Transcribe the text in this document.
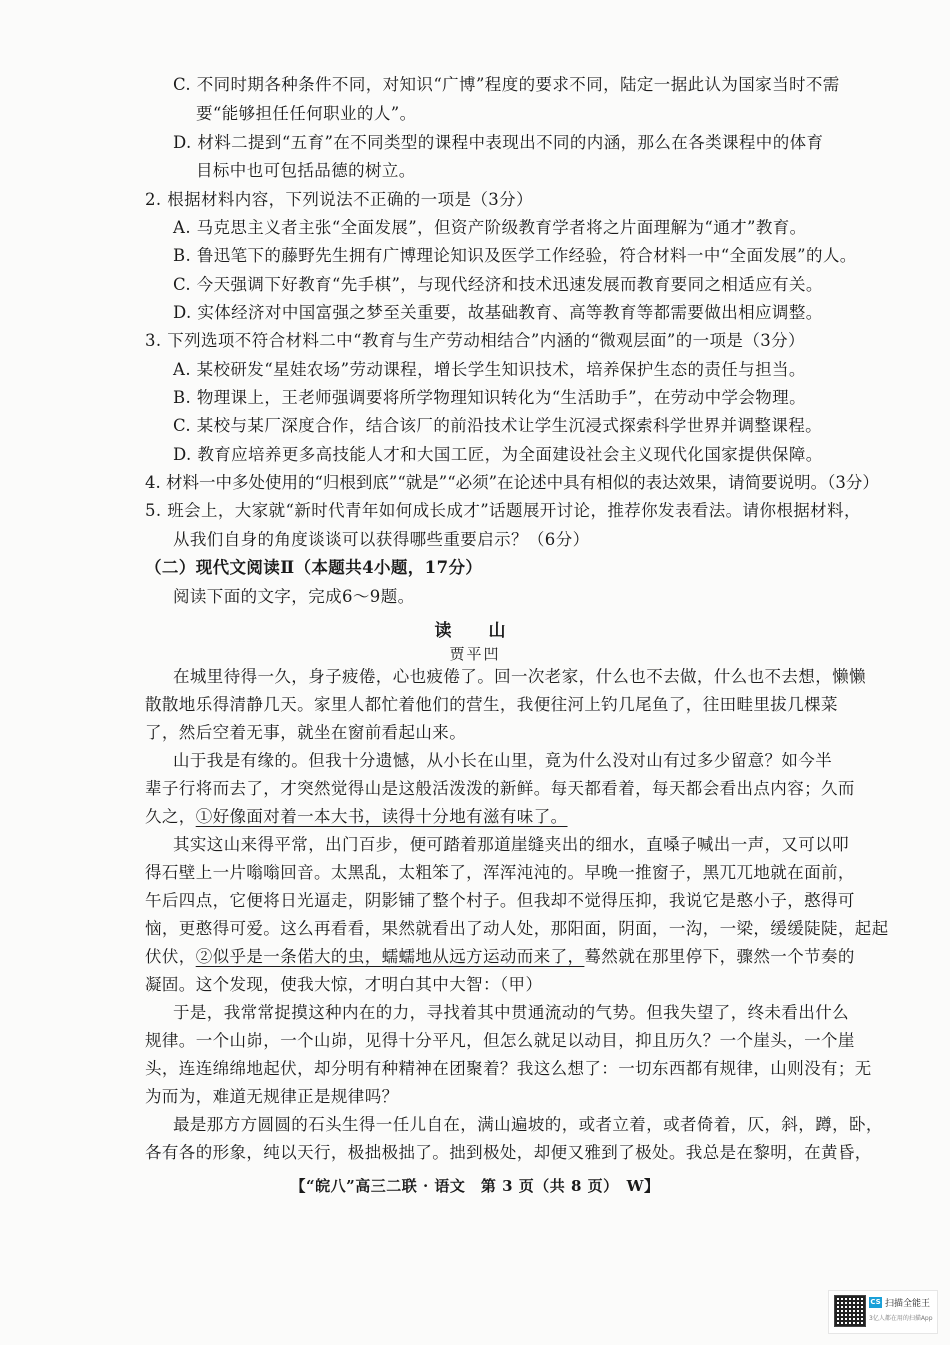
C. 不同时期各种条件不同，对知识“广博”程度的要求不同，陆定一据此认为国家当时不需
要“能够担任任何职业的人”。
D. 材料二提到“五育”在不同类型的课程中表现出不同的内涵，那么在各类课程中的体育
目标中也可包括品德的树立。
2. 根据材料内容，下列说法不正确的一项是（3分）
A. 马克思主义者主张“全面发展”，但资产阶级教育学者将之片面理解为“通才”教育。
B. 鲁迅笔下的藤野先生拥有广博理论知识及医学工作经验，符合材料一中“全面发展”的人。
C. 今天强调下好教育“先手棋”，与现代经济和技术迅速发展而教育要同之相适应有关。
D. 实体经济对中国富强之梦至关重要，故基础教育、高等教育等都需要做出相应调整。
3. 下列选项不符合材料二中“教育与生产劳动相结合”内涵的“微观层面”的一项是（3分）
A. 某校研发“星娃农场”劳动课程，增长学生知识技术，培养保护生态的责任与担当。
B. 物理课上，王老师强调要将所学物理知识转化为“生活助手”，在劳动中学会物理。
C. 某校与某厂深度合作，结合该厂的前沿技术让学生沉浸式探索科学世界并调整课程。
D. 教育应培养更多高技能人才和大国工匠，为全面建设社会主义现代化国家提供保障。
4. 材料一中多处使用的“归根到底”“就是”“必须”在论述中具有相似的表达效果，请简要说明。（3分）
5. 班会上，大家就“新时代青年如何成长成才”话题展开讨论，推荐你发表看法。请你根据材料，
从我们自身的角度谈谈可以获得哪些重要启示？（6分）
（二）现代文阅读Ⅱ（本题共4小题，17分）
阅读下面的文字，完成6～9题。
读　山
贾平凹
在城里待得一久，身子疲倦，心也疲倦了。回一次老家，什么也不去做，什么也不去想，懒懒
散散地乐得清静几天。家里人都忙着他们的营生，我便往河上钓几尾鱼了，往田畦里拔几棵菜
了，然后空着无事，就坐在窗前看起山来。
山于我是有缘的。但我十分遗憾，从小长在山里，竟为什么没对山有过多少留意？如今半
辈子行将而去了，才突然觉得山是这般活泼泼的新鲜。每天都看着，每天都会看出点内容；久而
久之，①好像面对着一本大书，读得十分地有滋有味了。
其实这山来得平常，出门百步，便可踏着那道崖缝夹出的细水，直嗓子喊出一声，又可以叩
得石壁上一片嗡嗡回音。太黑乱，太粗笨了，浑浑沌沌的。早晚一推窗子，黑兀兀地就在面前，
午后四点，它便将日光逼走，阴影铺了整个村子。但我却不觉得压抑，我说它是憨小子，憨得可
恼，更憨得可爱。这么再看看，果然就看出了动人处，那阳面，阴面，一沟，一梁，缓缓陡陡，起起
伏伏，②似乎是一条偌大的虫，蠕蠕地从远方运动而来了，蓦然就在那里停下，骤然一个节奏的
凝固。这个发现，使我大惊，才明白其中大智：（甲）
于是，我常常捉摸这种内在的力，寻找着其中贯通流动的气势。但我失望了，终未看出什么
规律。一个山峁，一个山峁，见得十分平凡，但怎么就足以动目，抑且历久？一个崖头，一个崖
头，连连绵绵地起伏，却分明有种精神在团聚着？我这么想了：一切东西都有规律，山则没有；无
为而为，难道无规律正是规律吗？
最是那方方圆圆的石头生得一任儿自在，满山遍坡的，或者立着，或者倚着，仄，斜，蹲，卧，
各有各的形象，纯以天行，极拙极拙了。拙到极处，却便又雅到了极处。我总是在黎明，在黄昏，
【“皖八”高三二联 · 语文　第 3 页（共 8 页）　W】
CS 扫描全能王
3亿人都在用的扫描App
